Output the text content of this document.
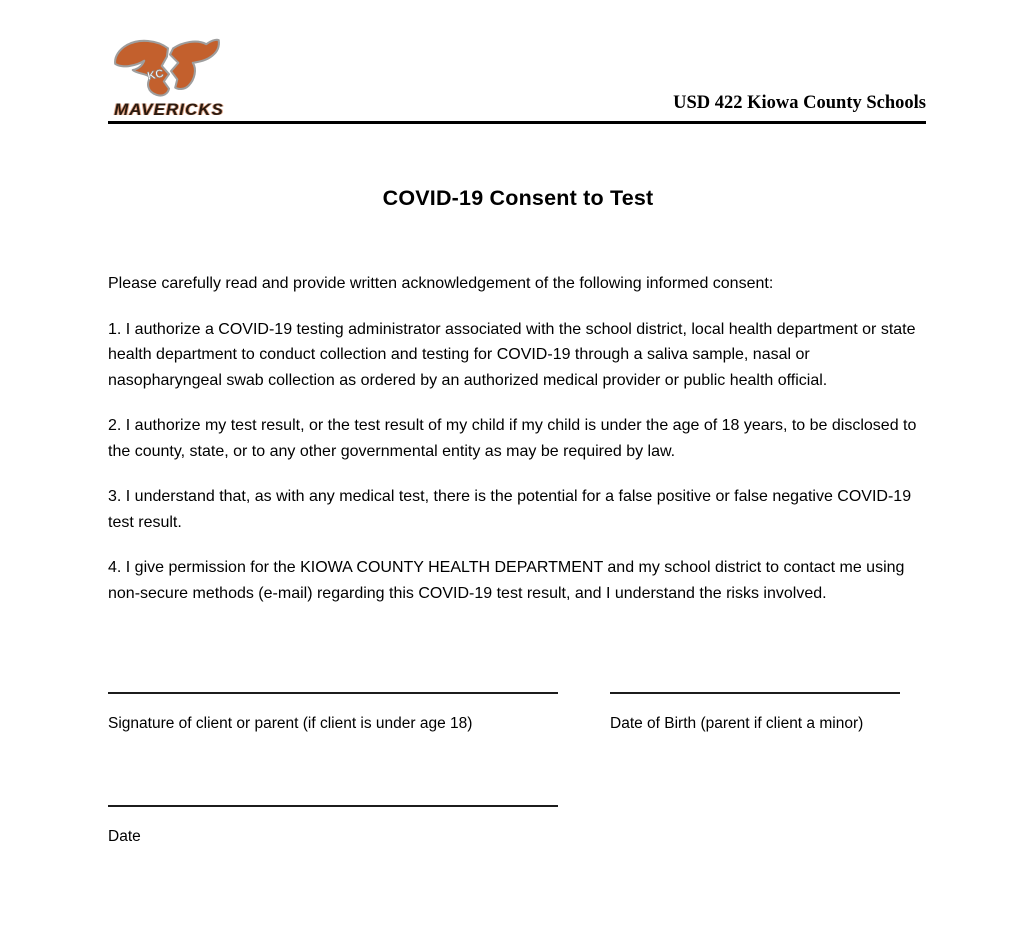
KC
MAVERICKS	USD 422 Kiowa County Schools
COVID-19 Consent to Test
Please carefully read and provide written acknowledgement of the following informed consent:

1. I authorize a COVID-19 testing administrator associated with the school district, local health department or state health department to conduct collection and testing for COVID-19 through a saliva sample, nasal or nasopharyngeal swab collection as ordered by an authorized medical provider or public health official.

2. I authorize my test result, or the test result of my child if my child is under the age of 18 years, to be disclosed to the county, state, or to any other governmental entity as may be required by law.

3. I understand that, as with any medical test, there is the potential for a false positive or false negative COVID-19 test result.

4. I give permission for the KIOWA COUNTY HEALTH DEPARTMENT and my school district to contact me using non-secure methods (e-mail) regarding this COVID-19 test result, and I understand the risks involved.

Signature of client or parent (if client is under age 18)	Date of Birth (parent if client a minor)
Date
